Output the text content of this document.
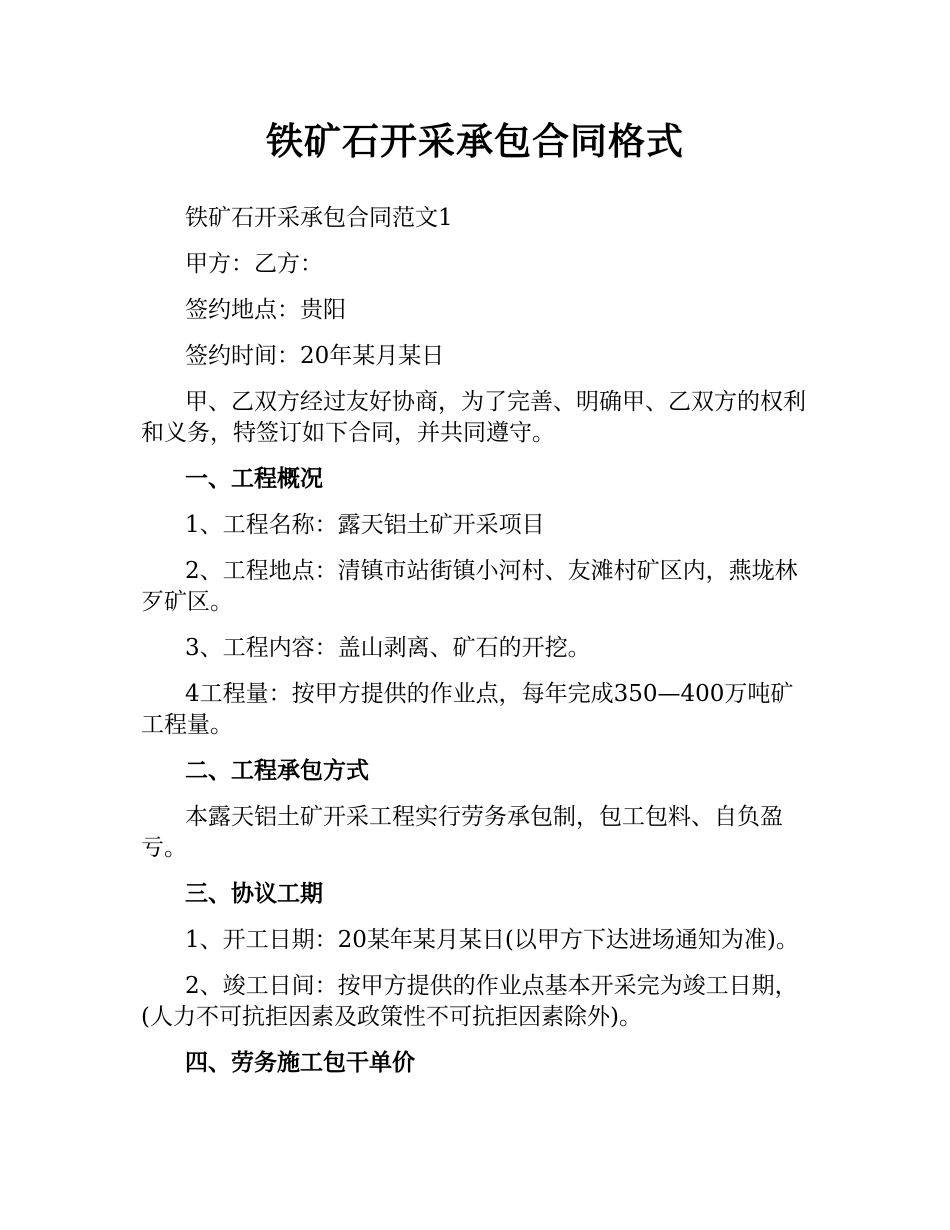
铁矿石开采承包合同格式

铁矿石开采承包合同范文1

甲方：乙方：

签约地点：贵阳

签约时间：20年某月某日

甲、乙双方经过友好协商，为了完善、明确甲、乙双方的权利和义务，特签订如下合同，并共同遵守。

一、工程概况

1、工程名称：露天铝土矿开采项目

2、工程地点：清镇市站街镇小河村、友滩村矿区内，燕垅林歹矿区。

3、工程内容：盖山剥离、矿石的开挖。

4工程量：按甲方提供的作业点，每年完成350—400万吨矿工程量。

二、工程承包方式

本露天铝土矿开采工程实行劳务承包制，包工包料、自负盈亏。

三、协议工期

1、开工日期：20某年某月某日(以甲方下达进场通知为准)。

2、竣工日间：按甲方提供的作业点基本开采完为竣工日期，(人力不可抗拒因素及政策性不可抗拒因素除外)。

四、劳务施工包干单价
